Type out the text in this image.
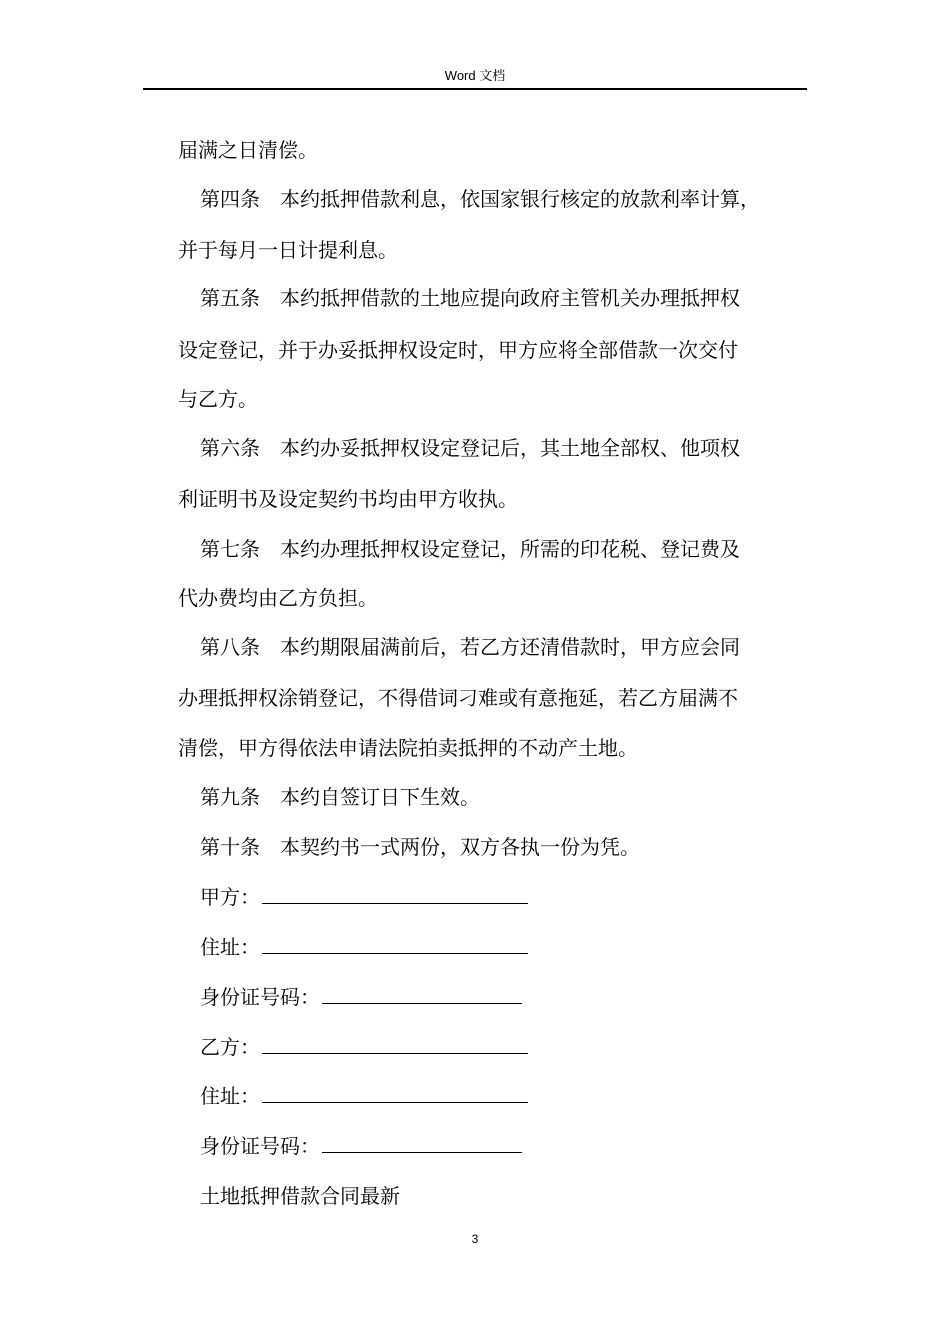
Word 文档
届满之日清偿。
第四条　本约抵押借款利息，依国家银行核定的放款利率计算，
并于每月一日计提利息。
第五条　本约抵押借款的土地应提向政府主管机关办理抵押权
设定登记，并于办妥抵押权设定时，甲方应将全部借款一次交付
与乙方。
第六条　本约办妥抵押权设定登记后，其土地全部权、他项权
利证明书及设定契约书均由甲方收执。
第七条　本约办理抵押权设定登记，所需的印花税、登记费及
代办费均由乙方负担。
第八条　本约期限届满前后，若乙方还清借款时，甲方应会同
办理抵押权涂销登记，不得借词刁难或有意拖延，若乙方届满不
清偿，甲方得依法申请法院拍卖抵押的不动产土地。
第九条　本约自签订日下生效。
第十条　本契约书一式两份，双方各执一份为凭。
甲方：
住址：
身份证号码：
乙方：
住址：
身份证号码：
土地抵押借款合同最新
3
